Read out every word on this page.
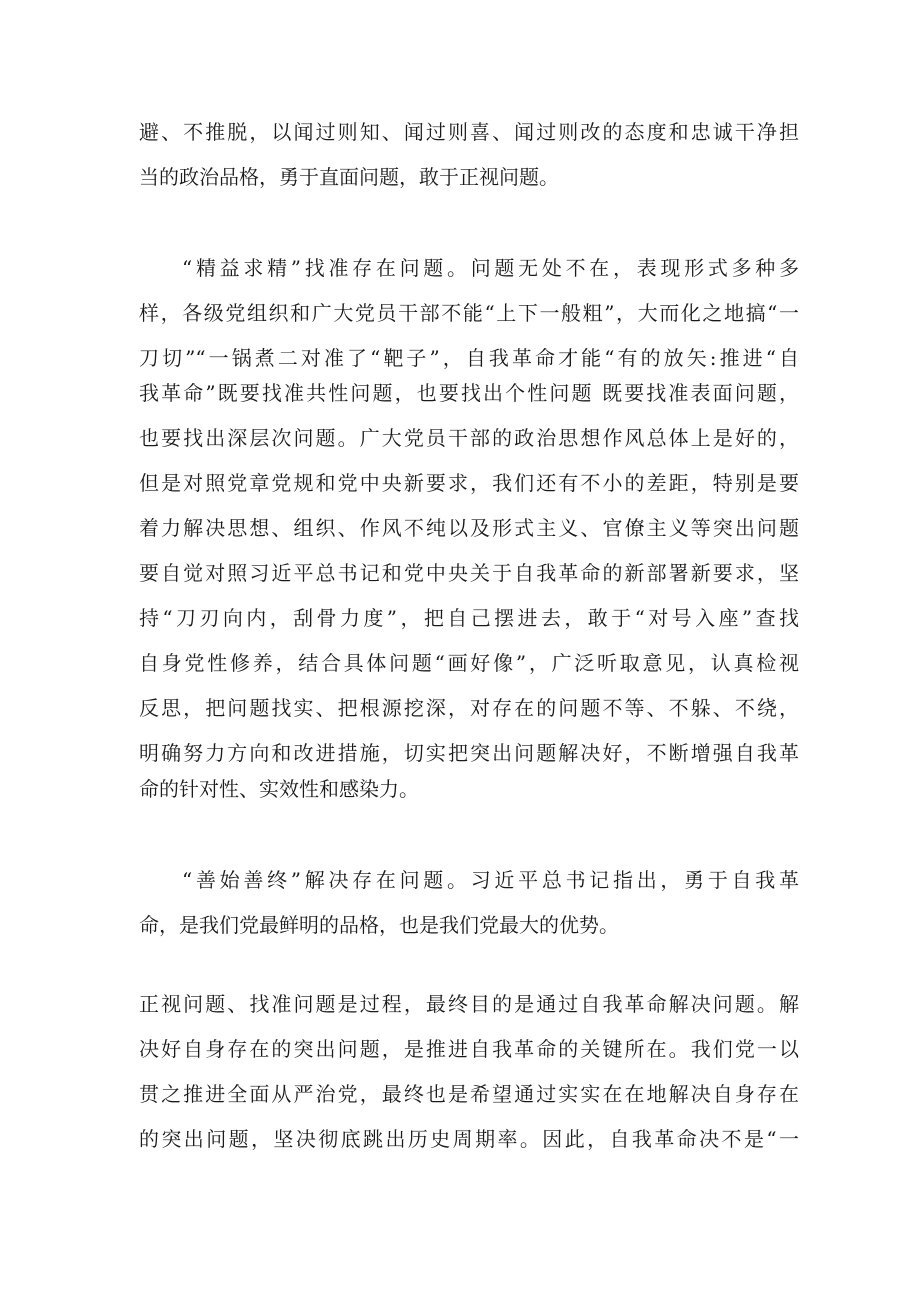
避、不推脱，以闻过则知、闻过则喜、闻过则改的态度和忠诚干净担
当的政治品格，勇于直面问题，敢于正视问题。
“精益求精”找准存在问题。问题无处不在，表现形式多种多
样，各级党组织和广大党员干部不能“上下一般粗”，大而化之地搞“一
刀切”“一锅煮二对准了“靶子”，自我革命才能“有的放矢:推进“自
我革命”既要找准共性问题，也要找出个性问题 既要找准表面问题，
也要找出深层次问题。广大党员干部的政治思想作风总体上是好的，
但是对照党章党规和党中央新要求，我们还有不小的差距，特别是要
着力解决思想、组织、作风不纯以及形式主义、官僚主义等突出问题
要自觉对照习近平总书记和党中央关于自我革命的新部署新要求，坚
持“刀刃向内，刮骨力度”，把自己摆进去，敢于“对号入座”查找
自身党性修养，结合具体问题“画好像”，广泛听取意见，认真检视
反思，把问题找实、把根源挖深，对存在的问题不等、不躲、不绕，
明确努力方向和改进措施，切实把突出问题解决好，不断增强自我革
命的针对性、实效性和感染力。
“善始善终”解决存在问题。习近平总书记指出，勇于自我革
命，是我们党最鲜明的品格，也是我们党最大的优势。
正视问题、找准问题是过程，最终目的是通过自我革命解决问题。解
决好自身存在的突出问题，是推进自我革命的关键所在。我们党一以
贯之推进全面从严治党，最终也是希望通过实实在在地解决自身存在
的突出问题，坚决彻底跳出历史周期率。因此，自我革命决不是“一
